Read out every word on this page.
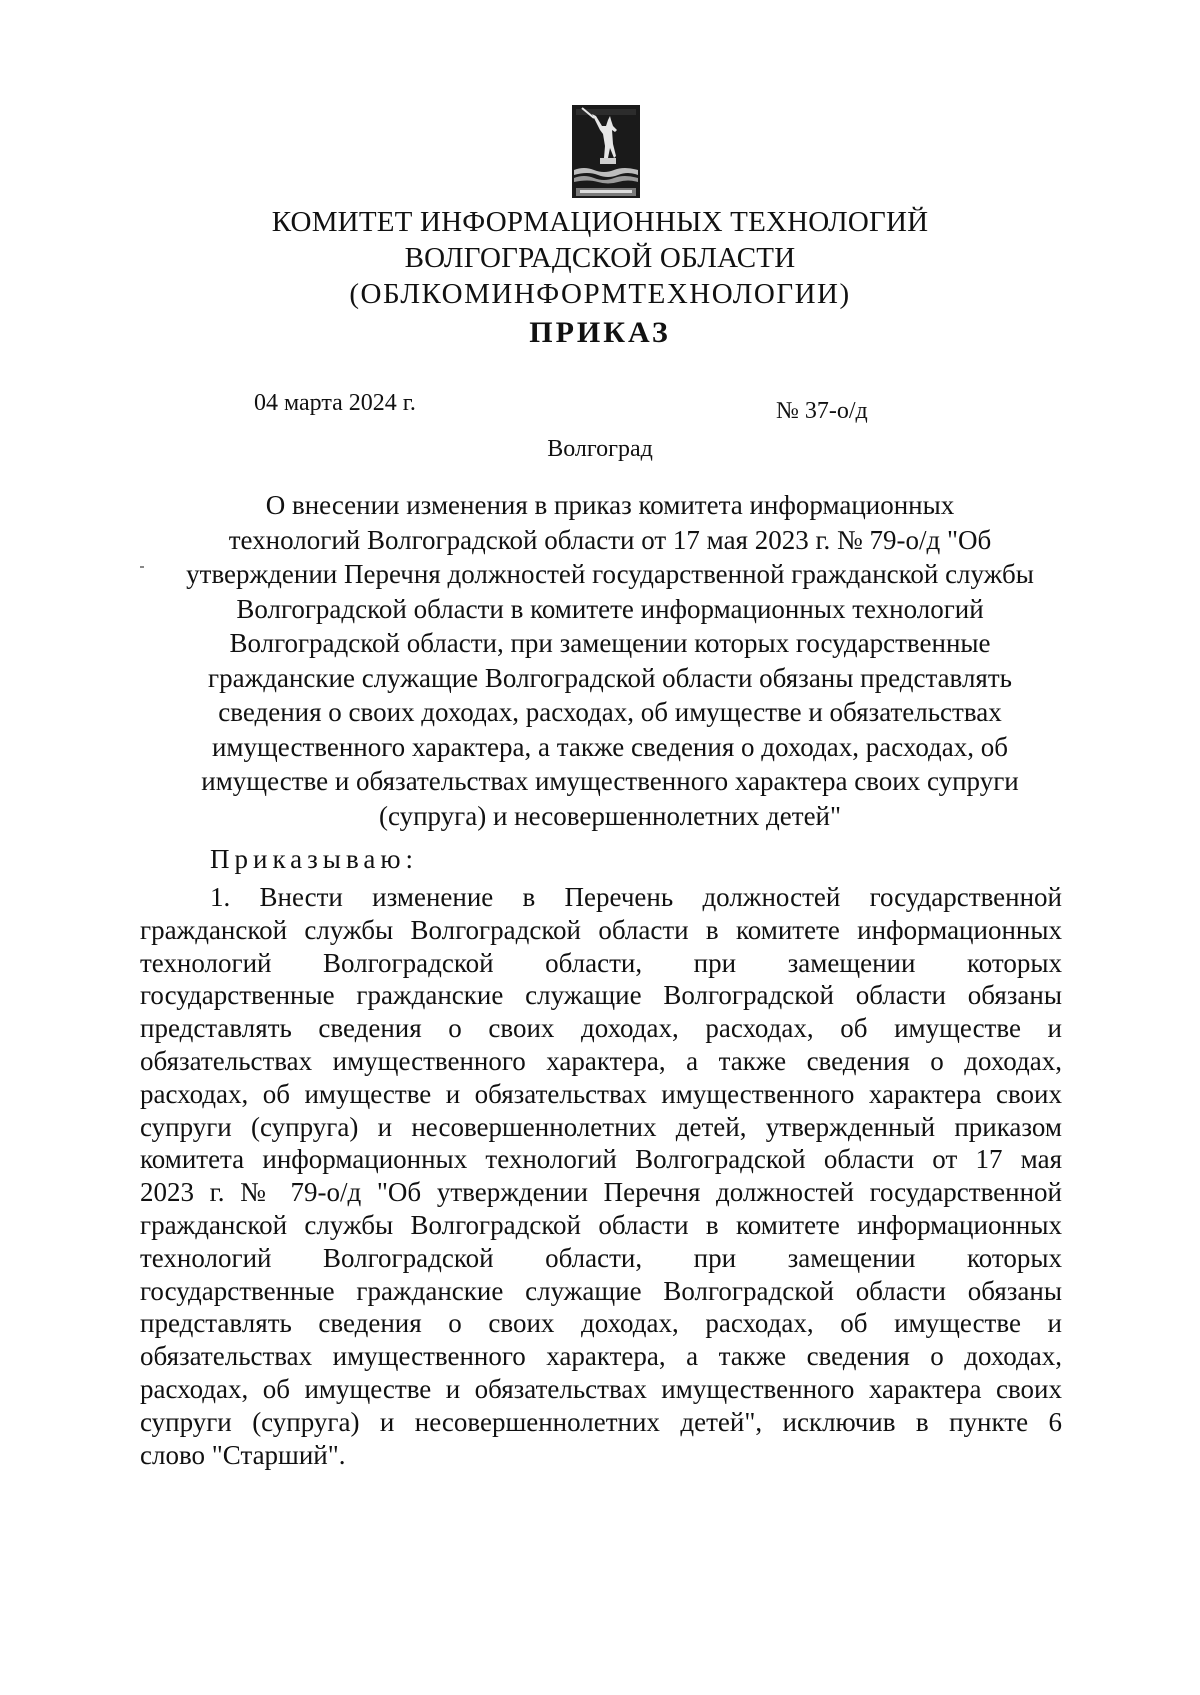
КОМИТЕТ ИНФОРМАЦИОННЫХ ТЕХНОЛОГИЙ
ВОЛГОГРАДСКОЙ ОБЛАСТИ
(ОБЛКОМИНФОРМТЕХНОЛОГИИ)
ПРИКАЗ
04 марта 2024 г.	№ 37-о/д
Волгоград
О внесении изменения в приказ комитета информационных
технологий Волгоградской области от 17 мая 2023 г. № 79-о/д "Об
утверждении Перечня должностей государственной гражданской службы
Волгоградской области в комитете информационных технологий
Волгоградской области, при замещении которых государственные
гражданские служащие Волгоградской области обязаны представлять
сведения о своих доходах, расходах, об имуществе и обязательствах
имущественного характера, а также сведения о доходах, расходах, об
имуществе и обязательствах имущественного характера своих супруги
(супруга) и несовершеннолетних детей"
Приказываю:
1. Внести изменение в Перечень должностей государственной
гражданской службы Волгоградской области в комитете информационных
технологий Волгоградской области, при замещении которых
государственные гражданские служащие Волгоградской области обязаны
представлять сведения о своих доходах, расходах, об имуществе и
обязательствах имущественного характера, а также сведения о доходах,
расходах, об имуществе и обязательствах имущественного характера своих
супруги (супруга) и несовершеннолетних детей, утвержденный приказом
комитета информационных технологий Волгоградской области от 17 мая
2023 г. № 79-о/д "Об утверждении Перечня должностей государственной
гражданской службы Волгоградской области в комитете информационных
технологий Волгоградской области, при замещении которых
государственные гражданские служащие Волгоградской области обязаны
представлять сведения о своих доходах, расходах, об имуществе и
обязательствах имущественного характера, а также сведения о доходах,
расходах, об имуществе и обязательствах имущественного характера своих
супруги (супруга) и несовершеннолетних детей", исключив в пункте 6
слово "Старший".
